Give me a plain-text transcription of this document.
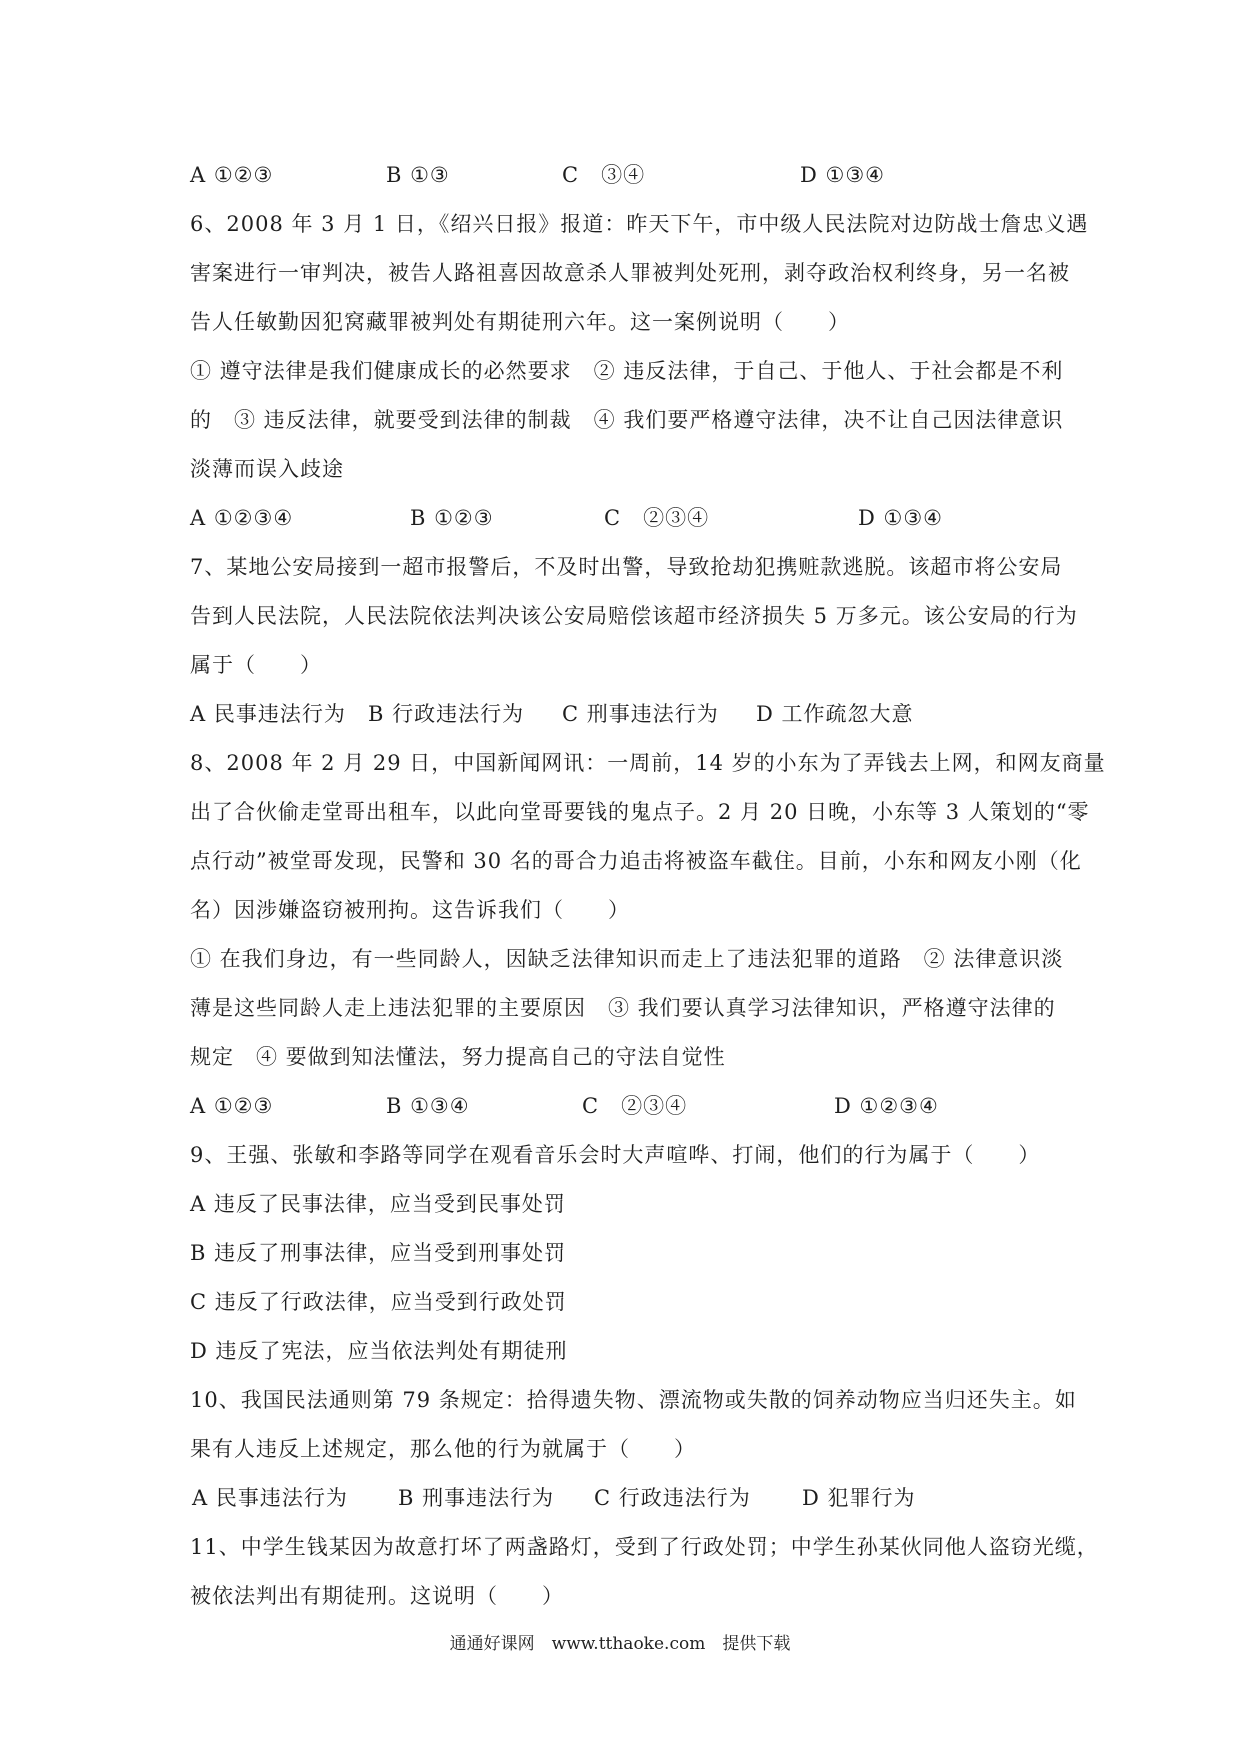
A ①②③	B ①③	C　③④	D ①③④
6、2008 年 3 月 1 日，《绍兴日报》报道：昨天下午，市中级人民法院对边防战士詹忠义遇
害案进行一审判决，被告人路祖喜因故意杀人罪被判处死刑，剥夺政治权利终身，另一名被
告人任敏勤因犯窝藏罪被判处有期徒刑六年。这一案例说明（　　）
① 遵守法律是我们健康成长的必然要求　② 违反法律，于自己、于他人、于社会都是不利
的　③ 违反法律，就要受到法律的制裁　④ 我们要严格遵守法律，决不让自己因法律意识
淡薄而误入歧途
A ①②③④	B ①②③	C　②③④	D ①③④
7、某地公安局接到一超市报警后，不及时出警，导致抢劫犯携赃款逃脱。该超市将公安局
告到人民法院，人民法院依法判决该公安局赔偿该超市经济损失 5 万多元。该公安局的行为
属于（　　）
A 民事违法行为 B 行政违法行为 C 刑事违法行为 D 工作疏忽大意
8、2008 年 2 月 29 日，中国新闻网讯：一周前，14 岁的小东为了弄钱去上网，和网友商量
出了合伙偷走堂哥出租车，以此向堂哥要钱的鬼点子。2 月 20 日晚，小东等 3 人策划的“零
点行动”被堂哥发现，民警和 30 名的哥合力追击将被盗车截住。目前，小东和网友小刚（化
名）因涉嫌盗窃被刑拘。这告诉我们（　　）
① 在我们身边，有一些同龄人，因缺乏法律知识而走上了违法犯罪的道路　② 法律意识淡
薄是这些同龄人走上违法犯罪的主要原因　③ 我们要认真学习法律知识，严格遵守法律的
规定　④ 要做到知法懂法，努力提高自己的守法自觉性
A ①②③	B ①③④	C　②③④	D ①②③④
9、王强、张敏和李路等同学在观看音乐会时大声喧哗、打闹，他们的行为属于（　　）
A 违反了民事法律，应当受到民事处罚
B 违反了刑事法律，应当受到刑事处罚
C 违反了行政法律，应当受到行政处罚
D 违反了宪法，应当依法判处有期徒刑
10、我国民法通则第 79 条规定：拾得遗失物、漂流物或失散的饲养动物应当归还失主。如
果有人违反上述规定，那么他的行为就属于（　　）
A 民事违法行为 B 刑事违法行为 C 行政违法行为 D 犯罪行为
11、中学生钱某因为故意打坏了两盏路灯，受到了行政处罚；中学生孙某伙同他人盗窃光缆，
被依法判出有期徒刑。这说明（　　）
通通好课网　www.tthaoke.com　提供下载
